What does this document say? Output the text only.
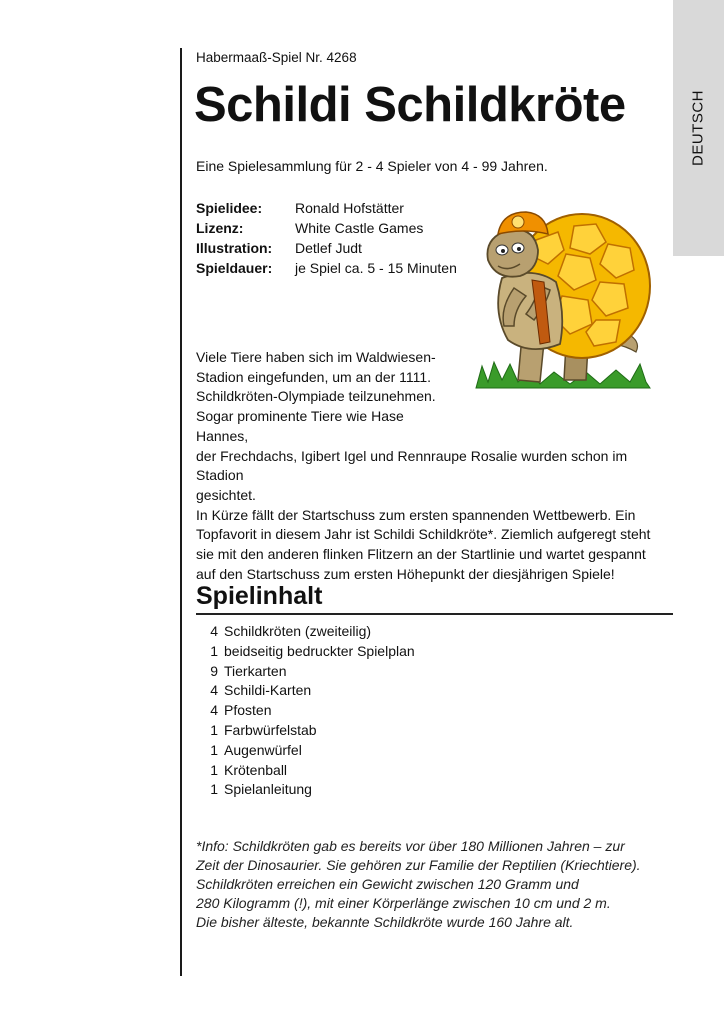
DEUTSCH
Habermaaß-Spiel Nr. 4268
Schildi Schildkröte
Eine Spielesammlung für 2 - 4 Spieler von 4 - 99 Jahren.
Spielidee:	Ronald Hofstätter
Lizenz:	White Castle Games
Illustration:	Detlef Judt
Spieldauer:	je Spiel ca. 5 - 15 Minuten

Viele Tiere haben sich im Waldwiesen-

Stadion eingefunden, um an der 1111.

Schildkröten-Olympiade teilzunehmen.

Sogar prominente Tiere wie Hase Hannes,

der Frechdachs, Igibert Igel und Rennraupe Rosalie wurden schon im Stadion

gesichtet.

In Kürze fällt der Startschuss zum ersten spannenden Wettbewerb. Ein

Topfavorit in diesem Jahr ist Schildi Schildkröte*. Ziemlich aufgeregt steht

sie mit den anderen flinken Flitzern an der Startlinie und wartet gespannt

auf den Startschuss zum ersten Höhepunkt der diesjährigen Spiele!

Spielinhalt
4 Schildkröten (zweiteilig)
1 beidseitig bedruckter Spielplan
9 Tierkarten
4 Schildi-Karten
4 Pfosten
1 Farbwürfelstab
1 Augenwürfel
1 Krötenball
1 Spielanleitung

*Info: Schildkröten gab es bereits vor über 180 Millionen Jahren – zur

Zeit der Dinosaurier. Sie gehören zur Familie der Reptilien (Kriechtiere).

Schildkröten erreichen ein Gewicht zwischen 120 Gramm und

280 Kilogramm (!), mit einer Körperlänge zwischen 10 cm und 2 m.

Die bisher älteste, bekannte Schildkröte wurde 160 Jahre alt.
